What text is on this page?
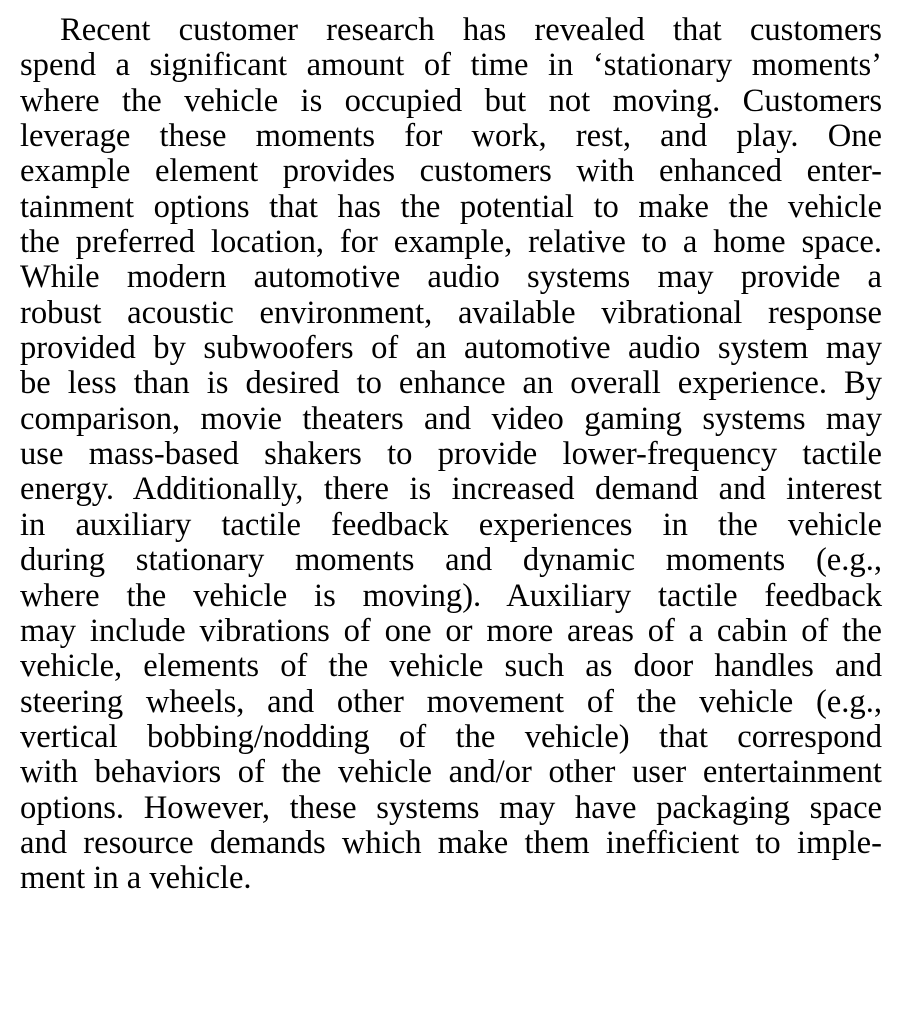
Recent customer research has revealed that customers
spend a significant amount of time in ‘stationary moments’
where the vehicle is occupied but not moving. Customers
leverage these moments for work, rest, and play. One
example element provides customers with enhanced enter-
tainment options that has the potential to make the vehicle
the preferred location, for example, relative to a home space.
While modern automotive audio systems may provide a
robust acoustic environment, available vibrational response
provided by subwoofers of an automotive audio system may
be less than is desired to enhance an overall experience. By
comparison, movie theaters and video gaming systems may
use mass-based shakers to provide lower-frequency tactile
energy. Additionally, there is increased demand and interest
in auxiliary tactile feedback experiences in the vehicle
during stationary moments and dynamic moments (e.g.,
where the vehicle is moving). Auxiliary tactile feedback
may include vibrations of one or more areas of a cabin of the
vehicle, elements of the vehicle such as door handles and
steering wheels, and other movement of the vehicle (e.g.,
vertical bobbing/nodding of the vehicle) that correspond
with behaviors of the vehicle and/or other user entertainment
options. However, these systems may have packaging space
and resource demands which make them inefficient to imple-
ment in a vehicle.
